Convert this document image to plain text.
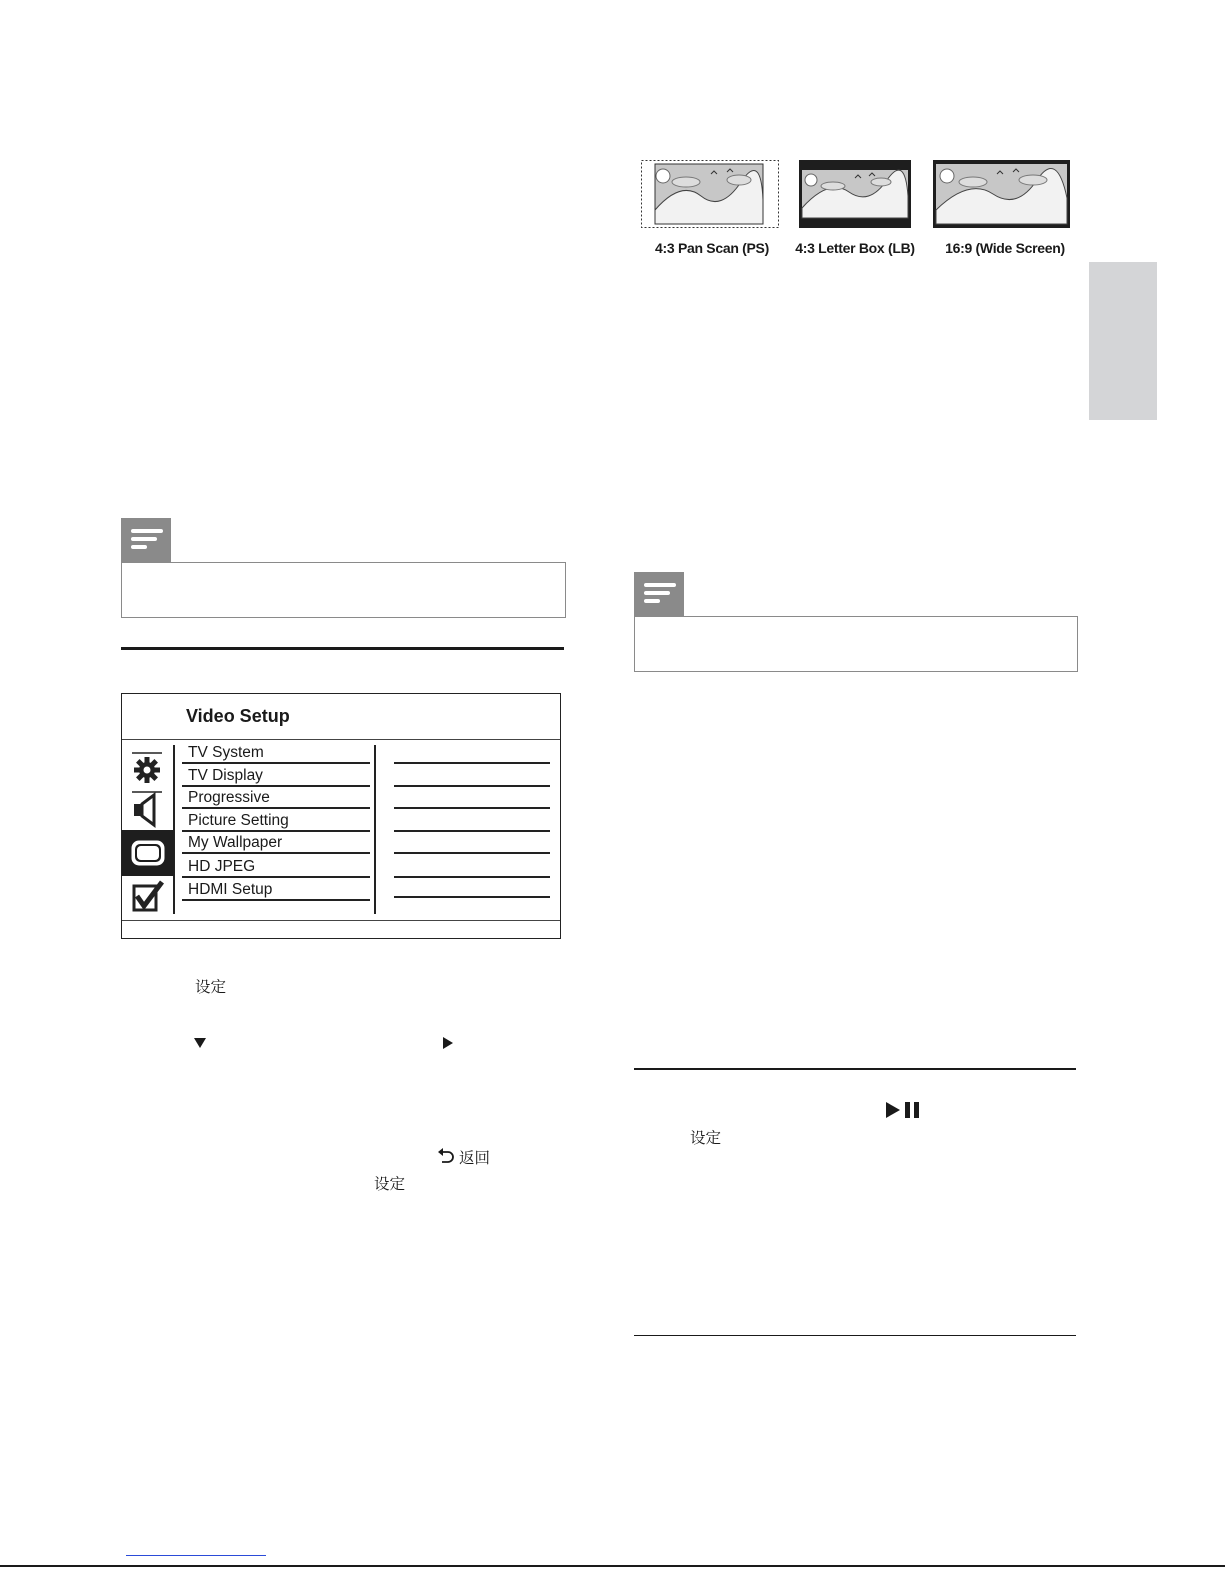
4:3 Pan Scan (PS)	4:3 Letter Box (LB)	16:9 (Wide Screen)
Video Setup
TV System
TV Display
Progressive
Picture Setting
My Wallpaper
HD JPEG
HDMI Setup
设定
返回
设定
设定
